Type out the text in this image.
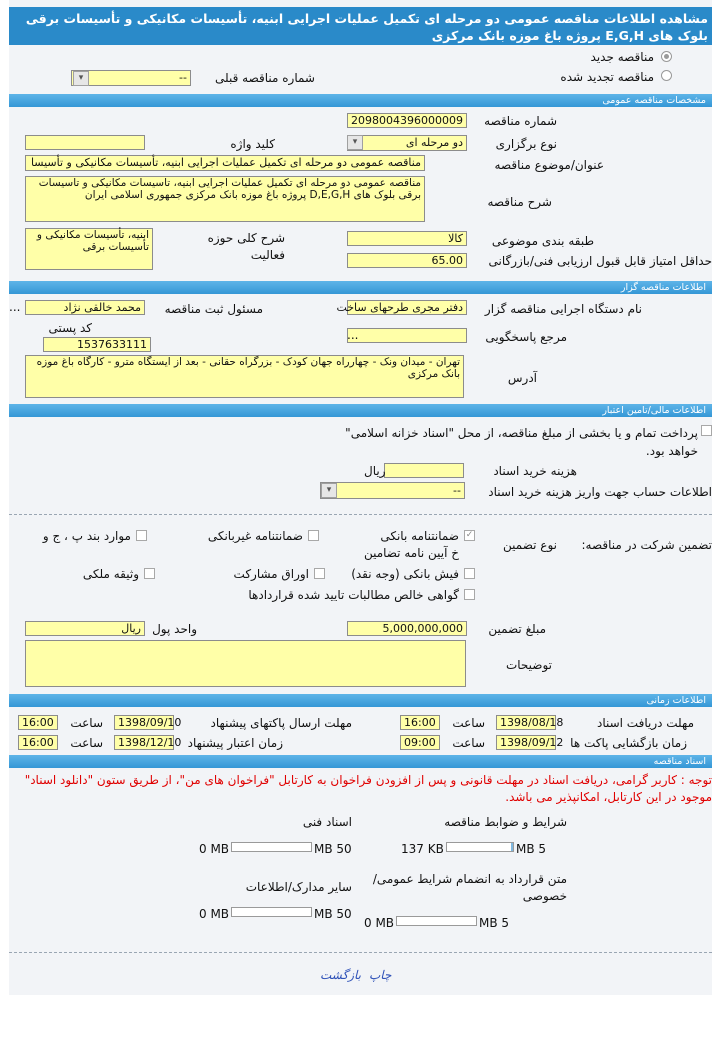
مشاهده اطلاعات مناقصه عمومی دو مرحله ای تکمیل عملیات اجرایی ابنیه، تأسیسات مکانیکی و تأسیسات برقی بلوک های E,G,H پروژه باغ موزه بانک مرکزی
مناقصه جدید
مناقصه تجدید شده
شماره مناقصه قبلی
--
▾
مشخصات مناقصه عمومی
شماره مناقصه
2098004396000009
نوع برگزاری
دو مرحله ای
▾
کلید واژه
عنوان/موضوع مناقصه
مناقصه عمومی دو مرحله ای تکمیل عملیات اجرایی ابنیه، تأسیسات مکانیکی و تأسیسا
شرح مناقصه
مناقصه عمومی دو مرحله ای تکمیل عملیات اجرایی ابنیه، تاسیسات مکانیکی و تاسیسات برقی بلوک های D,E,G,H پروژه باغ موزه بانک مرکزی جمهوری اسلامی ایران
طبقه بندی موضوعی
کالا
شرح کلی حوزه فعالیت
ابنیه، تأسیسات مکانیکی و تأسیسات برقی
حداقل امتیاز قابل قبول ارزیابی فنی/بازرگانی
65.00
اطلاعات مناقصه گزار
نام دستگاه اجرایی مناقصه گزار
دفتر مجری طرحهای ساخت
مسئول ثبت مناقصه
محمد خالقی نژاد
...
مرجع پاسخگویی
...
کد پستی
1537633111
آدرس
تهران - میدان ونک - چهارراه جهان کودک - بزرگراه حقانی - بعد از ایستگاه مترو - کارگاه باغ موزه بانک مرکزی
اطلاعات مالی/تامین اعتبار
پرداخت تمام و یا بخشی از مبلغ مناقصه، از محل "اسناد خزانه اسلامی" خواهد بود.
هزینه خرید اسناد
ریال
اطلاعات حساب جهت واریز هزینه خرید اسناد
--
▾
تضمین شرکت در مناقصه:
نوع تضمین
✓
ضمانتنامه بانکی
خ آیین نامه تضامین
ضمانتنامه غیربانکی
موارد بند پ ، ج و
فیش بانکی (وجه نقد)
اوراق مشارکت
وثیقه ملکی
گواهی خالص مطالبات تایید شده قراردادها
مبلغ تضمین
5,000,000,000
واحد پول
ریال
توضیحات
اطلاعات زمانی
مهلت دریافت اسناد
1398/08/18
ساعت
16:00
مهلت ارسال پاکتهای پیشنهاد
1398/09/10
ساعت
16:00
زمان بازگشایی پاکت ها
1398/09/12
ساعت
09:00
زمان اعتبار پیشنهاد
1398/12/10
ساعت
16:00
اسناد مناقصه
توجه : کاربر گرامی، دریافت اسناد در مهلت قانونی و پس از افزودن فراخوان به کارتابل "فراخوان های من"، از طریق ستون "دانلود اسناد" موجود در این کارتابل، امکانپذیر می باشد.
شرایط و ضوابط مناقصه
5 MB
137 KB
اسناد فنی
50 MB
0 MB
متن قرارداد به انضمام شرایط عمومی/خصوصی
5 MB
0 MB
سایر مدارک/اطلاعات
50 MB
0 MB
چاپ
بازگشت
